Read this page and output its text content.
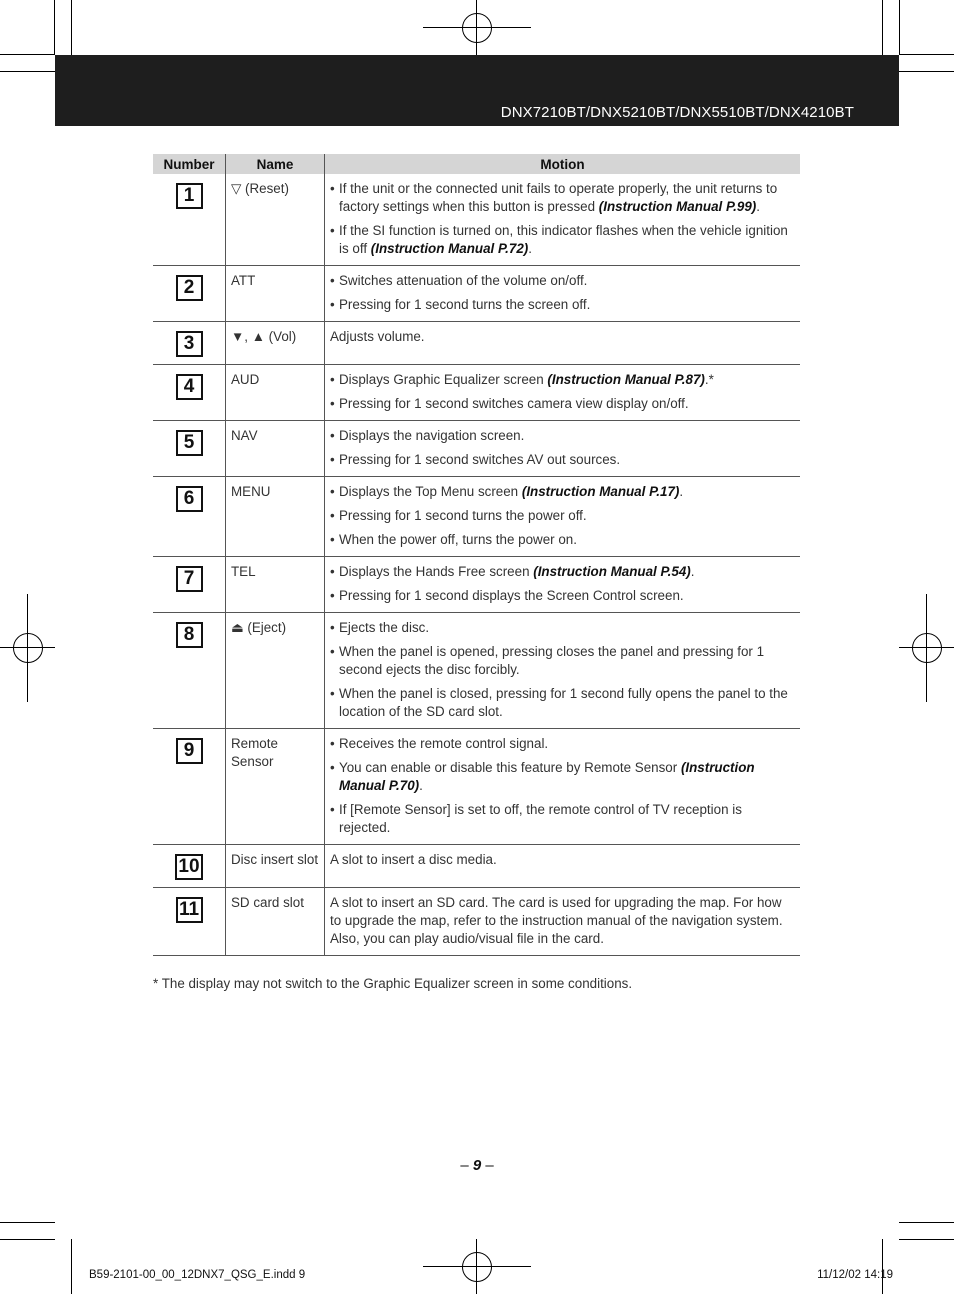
DNX7210BT/DNX5210BT/DNX5510BT/DNX4210BT
Number	Name	Motion
1	▽ (Reset)	• If the unit or the connected unit fails to operate properly, the unit returns to factory settings when this button is pressed (Instruction Manual P.99).
• If the SI function is turned on, this indicator flashes when the vehicle ignition is off (Instruction Manual P.72).

2	ATT	• Switches attenuation of the volume on/off.
• Pressing for 1 second turns the screen off.

3	▼, ▲ (Vol)	Adjusts volume.

4	AUD	• Displays Graphic Equalizer screen (Instruction Manual P.87).*
• Pressing for 1 second switches camera view display on/off.

5	NAV	• Displays the navigation screen.
• Pressing for 1 second switches AV out sources.

6	MENU	• Displays the Top Menu screen (Instruction Manual P.17).
• Pressing for 1 second turns the power off.
• When the power off, turns the power on.

7	TEL	• Displays the Hands Free screen (Instruction Manual P.54).
• Pressing for 1 second displays the Screen Control screen.

8	⏏ (Eject)	• Ejects the disc.
• When the panel is opened, pressing closes the panel and pressing for 1 second ejects the disc forcibly.
• When the panel is closed, pressing for 1 second fully opens the panel to the location of the SD card slot.

9	Remote Sensor	• Receives the remote control signal.
• You can enable or disable this feature by Remote Sensor (Instruction Manual P.70).
• If [Remote Sensor] is set to off, the remote control of TV reception is rejected.

10	Disc insert slot	A slot to insert a disc media.

11	SD card slot	A slot to insert an SD card. The card is used for upgrading the map. For how to upgrade the map, refer to the instruction manual of the navigation system.
Also, you can play audio/visual file in the card.
* The display may not switch to the Graphic Equalizer screen in some conditions.
– 9 –
B59-2101-00_00_12DNX7_QSG_E.indd 9	11/12/02 14:19
